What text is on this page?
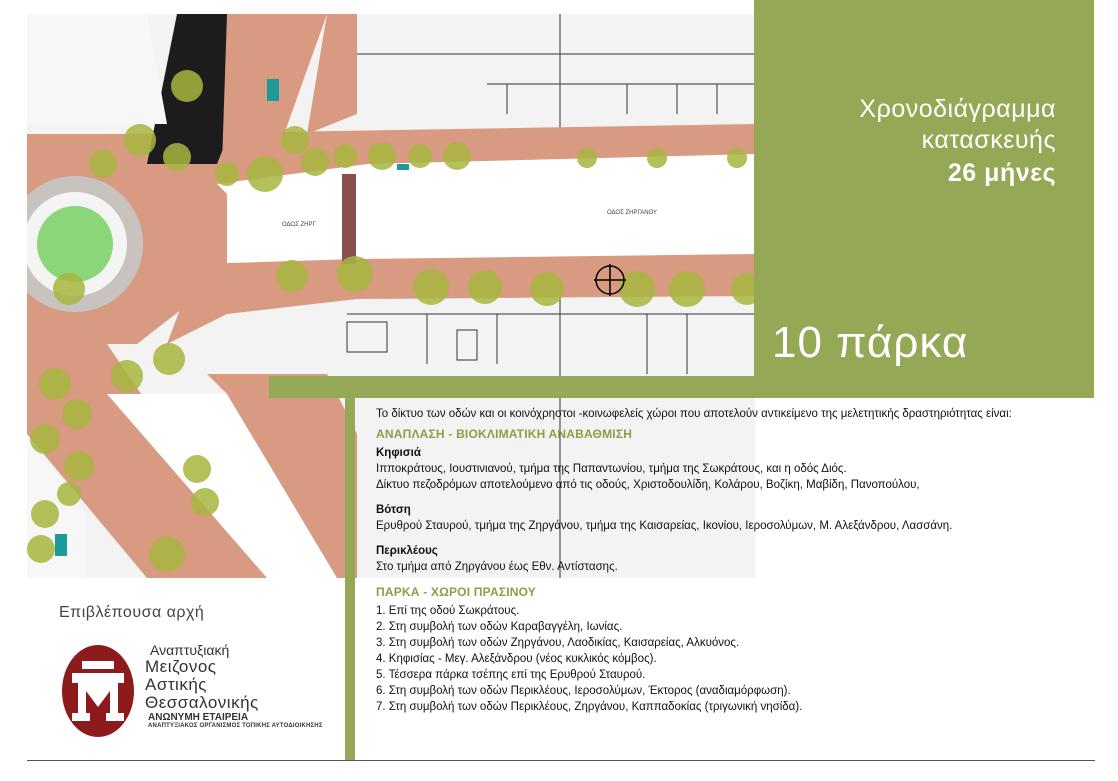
ΟΔΟΣ ΖΗΡΓΑΝΟΥ
ΟΔΟΣ ΖΗΡΓ
Χρονοδιάγραμμα
κατασκευής
26 μήνες
10 πάρκα

Το δίκτυο των οδών και οι κοινόχρηστοι -κοινωφελείς χώροι που αποτελούν αντικείμενο της μελετητικής δραστηριότητας είναι:

ΑΝΑΠΛΑΣΗ - ΒΙΟΚΛΙΜΑΤΙΚΗ ΑΝΑΒΑΘΜΙΣΗ
Κηφισιά
Ιπποκράτους, Ιουστινιανού, τμήμα της Παπαντωνίου, τμήμα της Σωκράτους, και η οδός Διός.
Δίκτυο πεζοδρόμων αποτελούμενο από τις οδούς, Χριστοδουλίδη, Κολάρου, Βοζίκη, Μαβίδη, Πανοπούλου,
Βότση
Ερυθρού Σταυρού, τμήμα της Ζηργάνου, τμήμα της Καισαρείας, Ικονίου, Ιεροσολύμων, Μ. Αλεξάνδρου, Λασσάνη.
Περικλέους
Στο τμήμα από Ζηργάνου έως Εθν. Αντίστασης.
ΠΑΡΚΑ - ΧΩΡΟΙ ΠΡΑΣΙΝΟΥ
1. Επί της οδού Σωκράτους.
2. Στη συμβολή των οδών Καραβαγγέλη, Ιωνίας.
3. Στη συμβολή των οδών Ζηργάνου, Λαοδικίας, Καισαρείας, Αλκυόνος.
4. Κηφισίας - Μεγ. Αλεξάνδρου (νέος κυκλικός κόμβος).
5. Τέσσερα πάρκα τσέπης επί της Ερυθρού Σταυρού.
6. Στη συμβολή των οδών Περικλέους, Ιεροσολύμων, Έκτορος (αναδιαμόρφωση).
7. Στη συμβολή των οδών Περικλέους, Ζηργάνου, Καππαδοκίας (τριγωνική νησίδα).
Επιβλέπουσα αρχή
Αναπτυξιακή
Μειζονος
Αστικής
Θεσσαλονικής
ΑΝΩΝΥΜΗ ΕΤΑΙΡΕΙΑ
ΑΝΑΠΤΥΞΙΑΚΟΣ ΟΡΓΑΝΙΣΜΟΣ ΤΟΠΙΚΗΣ ΑΥΤΟΔΙΟΙΚΗΣΗΣ
